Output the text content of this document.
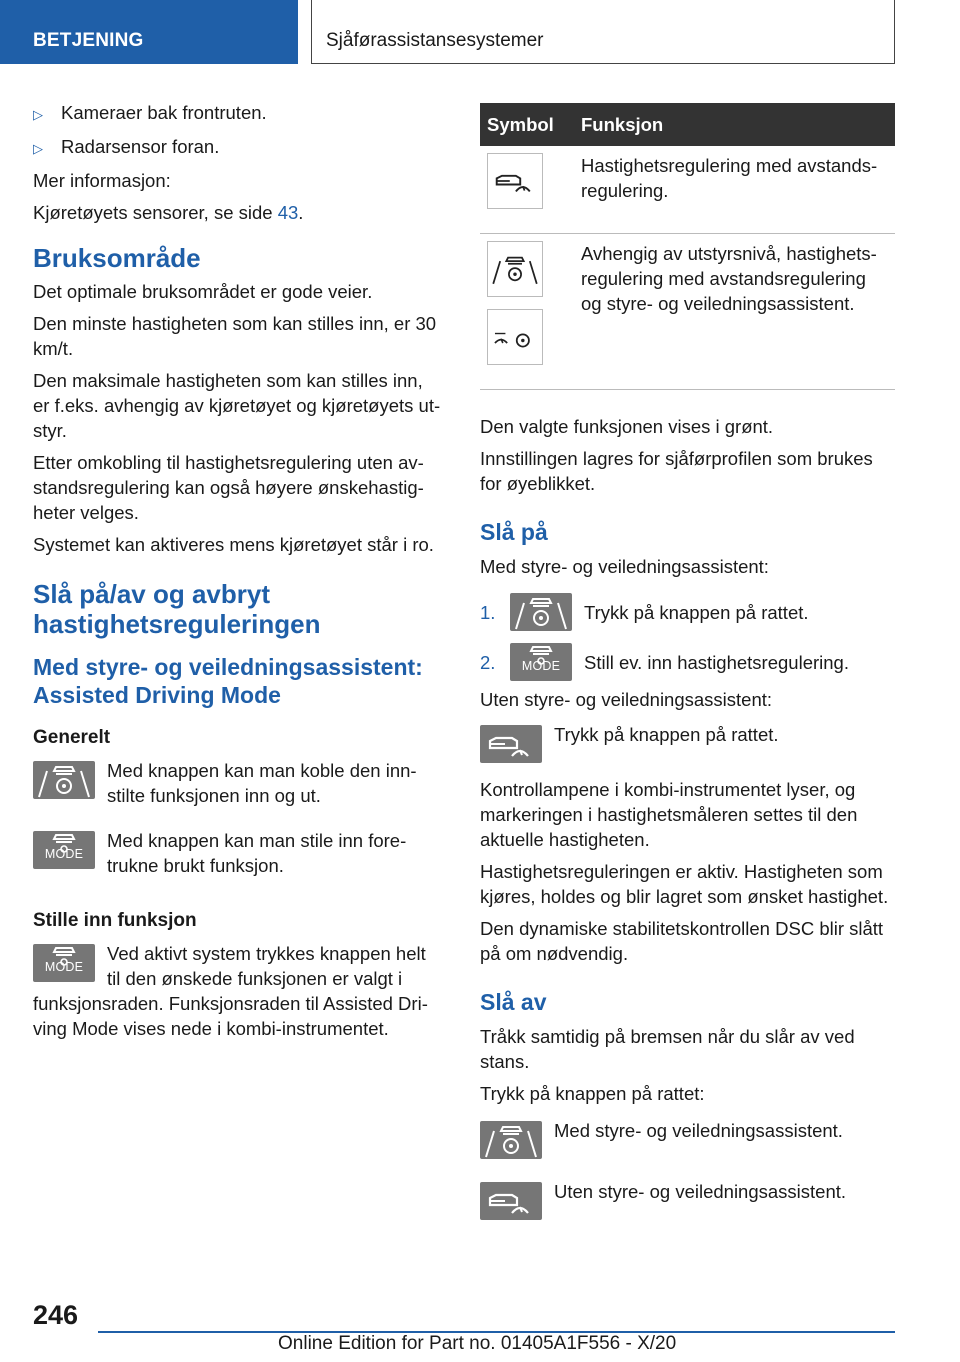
BETJENING	Sjåførassistansesystemer
▷ Kameraer bak frontruten.
▷ Radarsensor foran.

Mer informasjon:

Kjøretøyets sensorer, se side 43.

Bruksområde

Det optimale bruksområdet er gode veier.

Den minste hastigheten som kan stilles inn, er 30 km/t.

Den maksimale hastigheten som kan stilles inn, er f.eks. avhengig av kjøretøyet og kjøretøyets utstyr.

Etter omkobling til hastighetsregulering uten avstandsregulering kan også høyere ønskehastigheter velges.

Systemet kan aktiveres mens kjøretøyet står i ro.

Slå på/av og avbryt hastighetsreguleringen
Med styre- og veiledningsassistent: Assisted Driving Mode
Generelt
Med knappen kan man koble den innstilte funksjonen inn og ut.
MODE
Med knappen kan man stile inn foretrukne brukt funksjon.
Stille inn funksjon
MODE
Ved aktivt system trykkes knappen helt til den ønskede funksjonen er valgt i funksjonsraden. Funksjonsraden til Assisted Driving Mode vises nede i kombi-instrumentet.
Symbol	Funksjon

	Hastighetsregulering med avstandsregulering.

	Avhengig av utstyrsnivå, hastighetsregulering med avstandsregulering og styre- og veiledningsassistent.

Den valgte funksjonen vises i grønt.

Innstillingen lagres for sjåførprofilen som brukes for øyeblikket.

Slå på

Med styre- og veiledningsassistent:

1.	Trykk på knappen på rattet.
2.	MODE	Still ev. inn hastighetsregulering.

Uten styre- og veiledningsassistent:

Trykk på knappen på rattet.

Kontrollampene i kombi-instrumentet lyser, og markeringen i hastighetsmåleren settes til den aktuelle hastigheten.

Hastighetsreguleringen er aktiv. Hastigheten som kjøres, holdes og blir lagret som ønsket hastighet.

Den dynamiske stabilitetskontrollen DSC blir slått på om nødvendig.

Slå av

Tråkk samtidig på bremsen når du slår av ved stans.

Trykk på knappen på rattet:

Med styre- og veiledningsassistent.
Uten styre- og veiledningsassistent.
246
Online Edition for Part no. 01405A1F556 - X/20
